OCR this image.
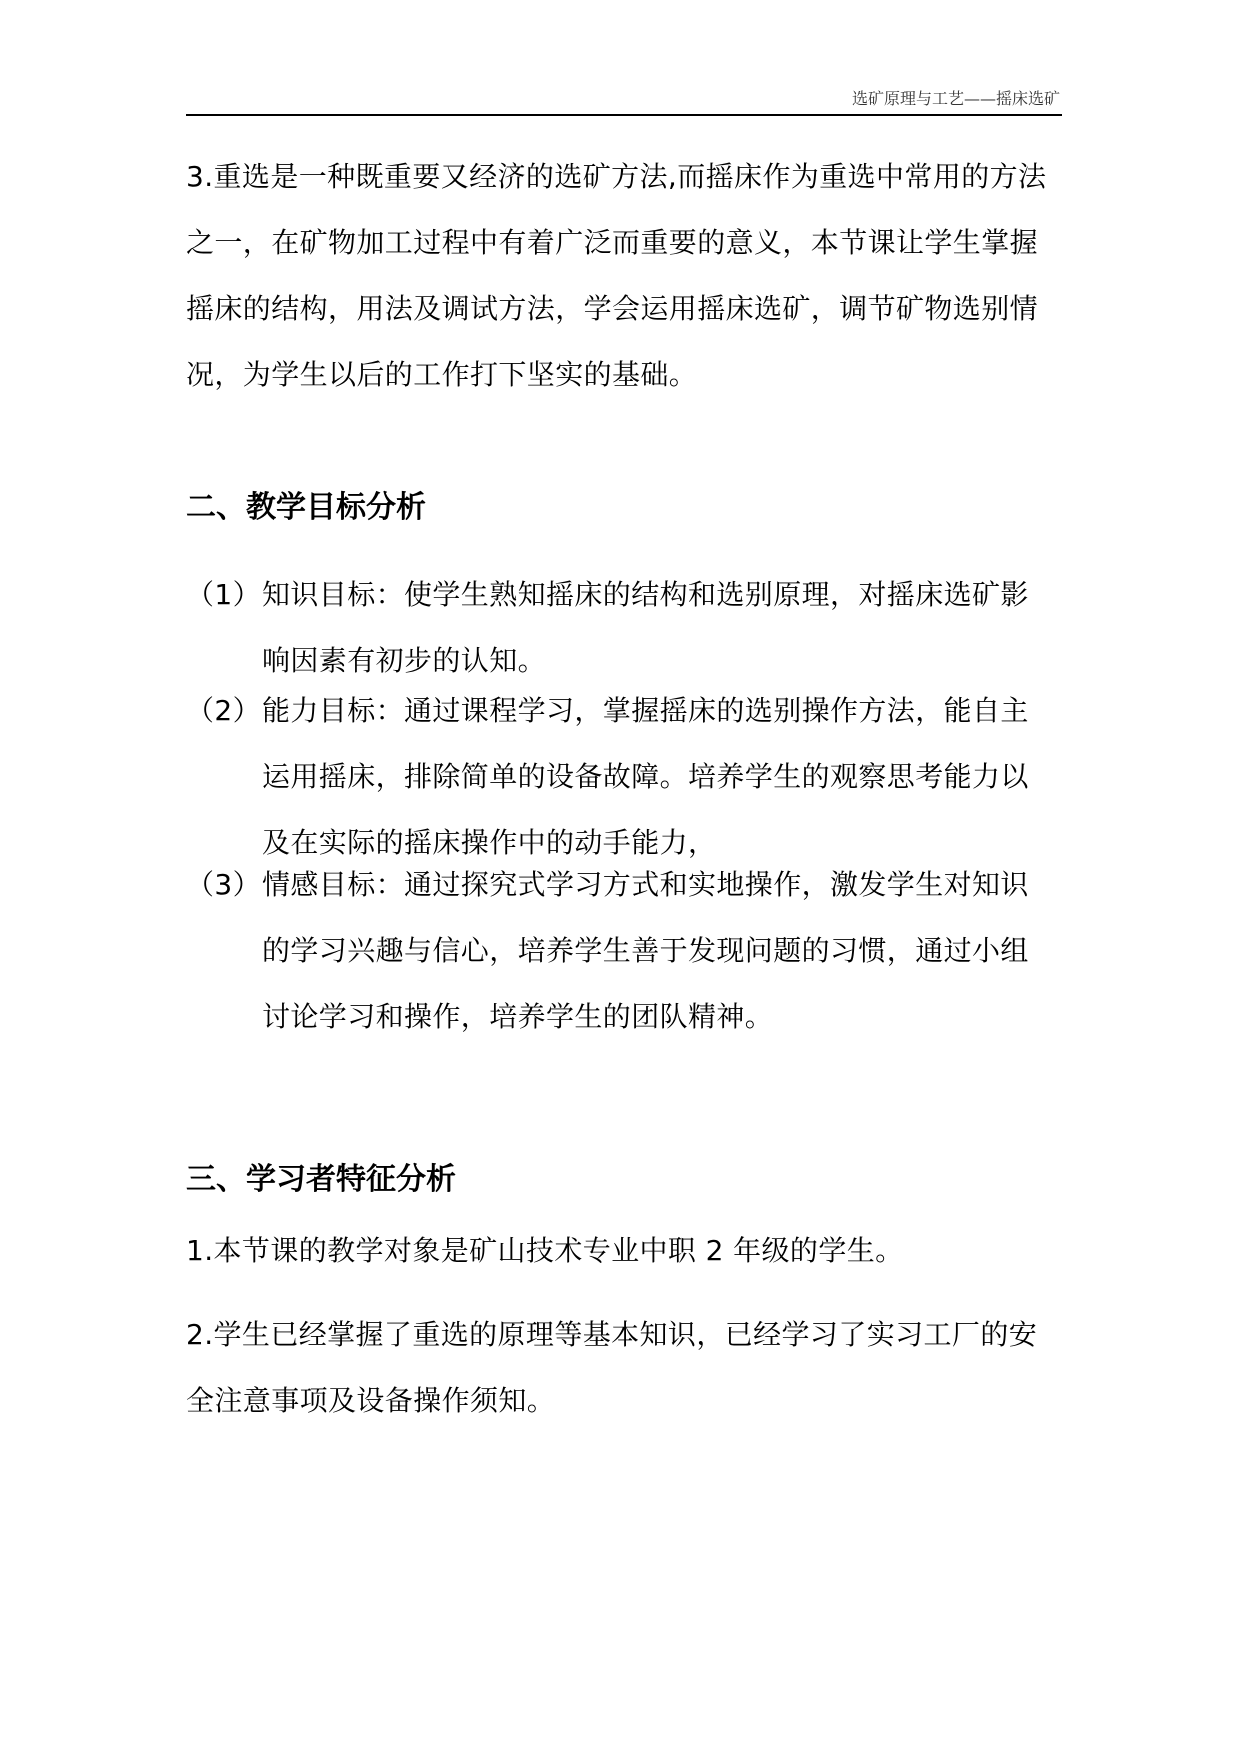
选矿原理与工艺——摇床选矿

3.重选是一种既重要又经济的选矿方法,而摇床作为重选中常用的方法之一，在矿物加工过程中有着广泛而重要的意义，本节课让学生掌握摇床的结构，用法及调试方法，学会运用摇床选矿，调节矿物选别情况，为学生以后的工作打下坚实的基础。

二、教学目标分析
（1）知识目标：使学生熟知摇床的结构和选别原理，对摇床选矿影
响因素有初步的认知。
（2）能力目标：通过课程学习，掌握摇床的选别操作方法，能自主
运用摇床，排除简单的设备故障。培养学生的观察思考能力以
及在实际的摇床操作中的动手能力，
（3）情感目标：通过探究式学习方式和实地操作，激发学生对知识
的学习兴趣与信心，培养学生善于发现问题的习惯，通过小组
讨论学习和操作，培养学生的团队精神。
三、学习者特征分析

1.本节课的教学对象是矿山技术专业中职 2 年级的学生。

2.学生已经掌握了重选的原理等基本知识，已经学习了实习工厂的安全注意事项及设备操作须知。
